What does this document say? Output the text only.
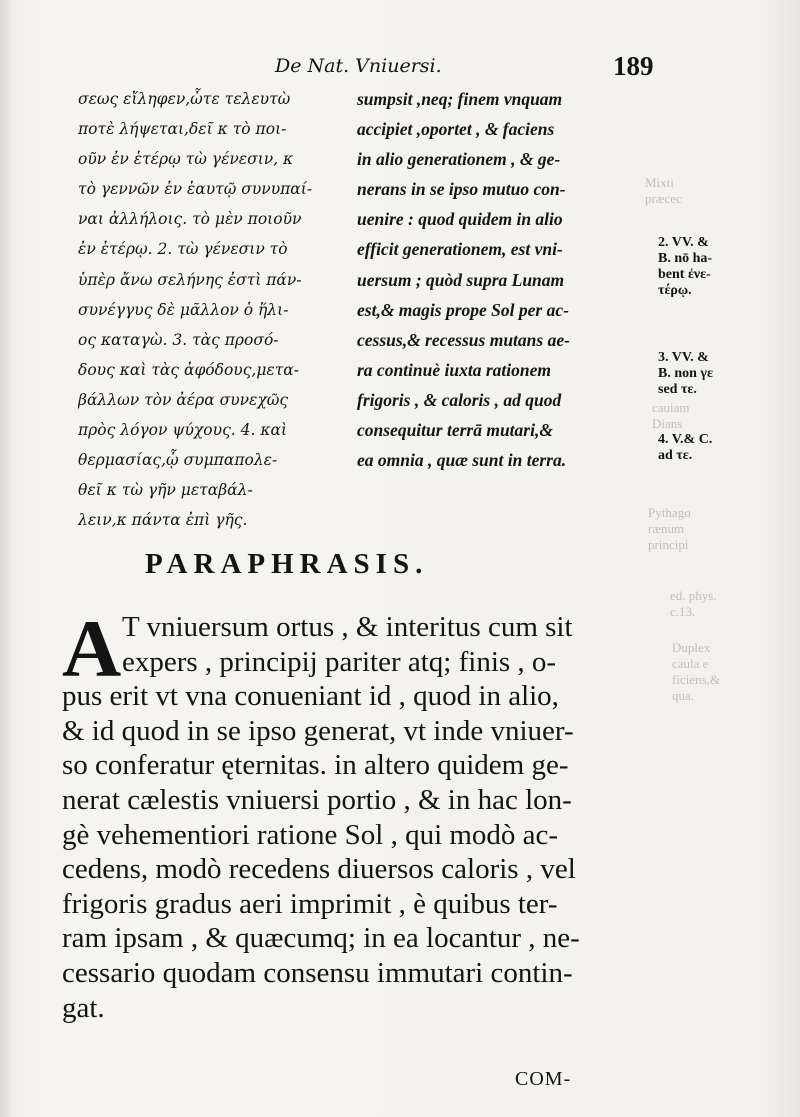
Mixti
præcec
cauiam
Dians
Pythago
rænum
principi
ed. phys.
c.13.
Duplex
caula e
ficiens,&
qua.
De Nat. Vniuersi.	189
σεως εἴληφεν,ὧτε τελευτὼ
ποτὲ λήψεται,δεῖ κ τὸ ποι-
οῦν ἐν ἑτέρῳ τὼ γένεσιν, κ
τὸ γεννῶν ἐν ἑαυτῷ συνυπαί-
ναι ἀλλήλοις. τὸ μὲν ποιοῦν
ἐν ἑτέρῳ. 2. τὼ γένεσιν τὸ
ὑπὲρ ἄνω σελήνης ἐστὶ πάν-
συνέγγυς δὲ μᾶλλον ὁ ἥλι-
ος καταγὼ. 3. τὰς προσό-
δους καὶ τὰς ἀφόδους,μετα-
βάλλων τὸν ἀέρα συνεχῶς
πρὸς λόγον ψύχους. 4. καὶ
θερμασίας,ᾧ συμπαπολε-
θεῖ κ τὼ γῆν μεταβάλ-
λειν,κ πάντα ἐπὶ γῆς.
sumpsit ,neq; finem vnquam
accipiet ,oportet , & faciens
in alio generationem , & ge-
nerans in se ipso mutuo con-
uenire : quod quidem in alio
efficit generationem, est vni-
uersum ; quòd supra Lunam
est,& magis prope Sol per ac-
cessus,& recessus mutans ae-
ra continuè iuxta rationem
frigoris , & caloris , ad quod
consequitur terrā mutari,&
ea omnia , quæ sunt in terra.
2. VV. &
B. nō ha-
bent ἐνε-
τέρῳ.
3. VV. &
B. non γε
sed τε.
4. V.& C.
ad τε.
PARAPHRASIS.
A T vniuersum ortus , & interitus cum sit
expers , principij pariter atq; finis , o-
pus erit vt vna conueniant id , quod in alio,
& id quod in se ipso generat, vt inde vniuer-
so conferatur ęternitas. in altero quidem ge-
nerat cælestis vniuersi portio , & in hac lon-
gè vehementiori ratione Sol , qui modò ac-
cedens, modò recedens diuersos caloris , vel
frigoris gradus aeri imprimit , è quibus ter-
ram ipsam , & quæcumq; in ea locantur , ne-
cessario quodam consensu immutari contin-
gat.
COM-
